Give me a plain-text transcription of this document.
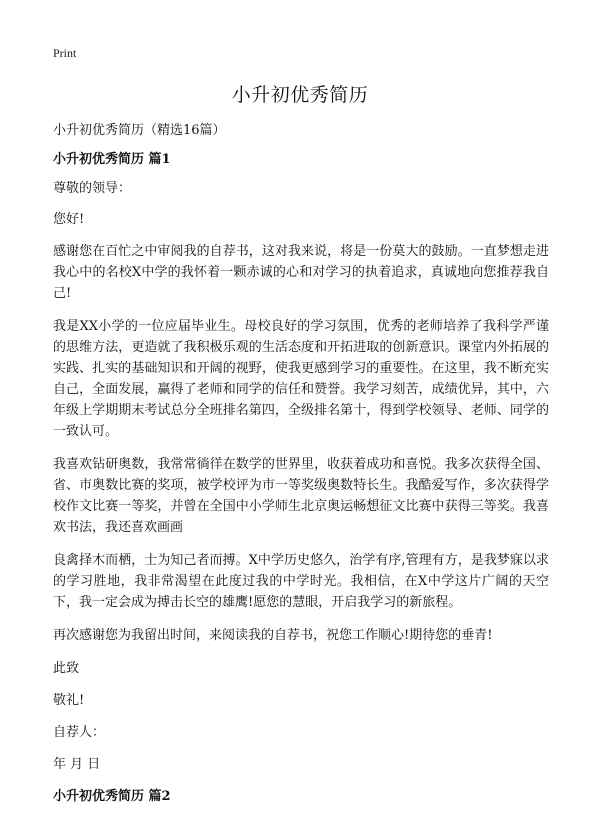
Print
小升初优秀简历

小升初优秀简历（精选16篇）

小升初优秀简历 篇1

尊敬的领导：

您好!

感谢您在百忙之中审阅我的自荐书，这对我来说，将是一份莫大的鼓励。一直梦想走进我心中的名校X中学的我怀着一颗赤诚的心和对学习的执着追求，真诚地向您推荐我自己!

我是XX小学的一位应届毕业生。母校良好的学习氛围，优秀的老师培养了我科学严谨的思维方法，更造就了我积极乐观的生活态度和开拓进取的创新意识。课堂内外拓展的实践、扎实的基础知识和开阔的视野，使我更感到学习的重要性。在这里，我不断充实自己，全面发展，赢得了老师和同学的信任和赞誉。我学习刻苦，成绩优异，其中，六年级上学期期末考试总分全班排名第四，全级排名第十，得到学校领导、老师、同学的一致认可。

我喜欢钻研奥数，我常常徜徉在数学的世界里，收获着成功和喜悦。我多次获得全国、省、市奥数比赛的奖项，被学校评为市一等奖级奥数特长生。我酷爱写作，多次获得学校作文比赛一等奖，并曾在全国中小学师生北京奥运畅想征文比赛中获得三等奖。我喜欢书法，我还喜欢画画

良禽择木而栖，士为知己者而搏。X中学历史悠久，治学有序,管理有方，是我梦寐以求的学习胜地，我非常渴望在此度过我的中学时光。我相信，在X中学这片广阔的天空下，我一定会成为搏击长空的雄鹰!愿您的慧眼，开启我学习的新旅程。

再次感谢您为我留出时间，来阅读我的自荐书，祝您工作顺心!期待您的垂青!

此致

敬礼!

自荐人：

年 月 日

小升初优秀简历 篇2
